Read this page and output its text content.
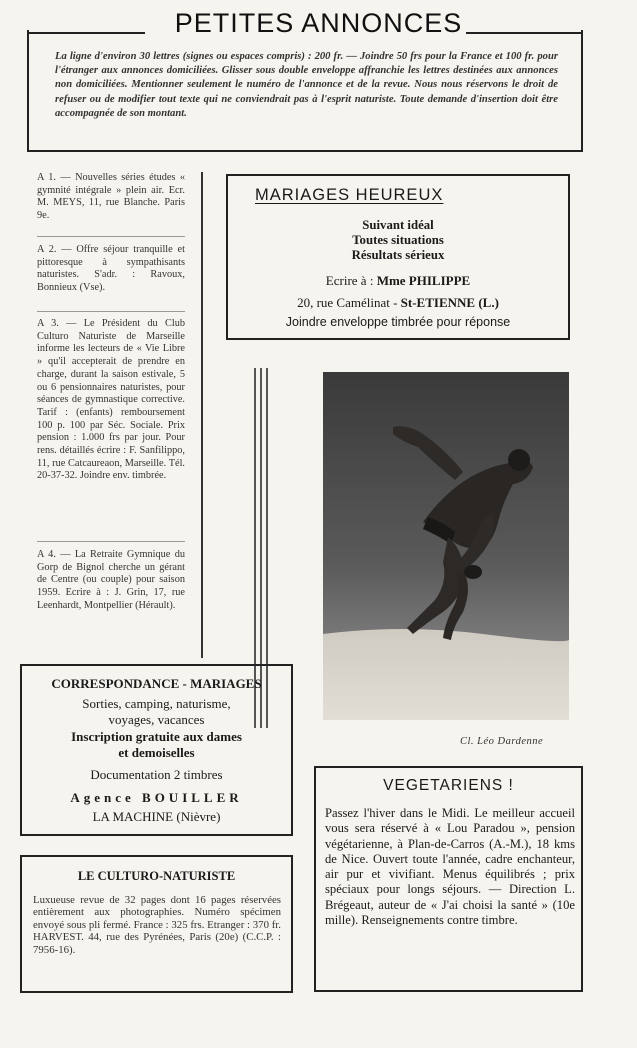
PETITES ANNONCES
La ligne d'environ 30 lettres (signes ou espaces compris) : 200 fr. — Joindre 50 frs pour la France et 100 fr. pour l'étranger aux annonces domiciliées. Glisser sous double enveloppe affranchie les lettres destinées aux annonces non domiciliées. Mentionner seulement le numéro de l'annonce et de la revue. Nous nous réservons le droit de refuser ou de modifier tout texte qui ne conviendrait pas à l'esprit naturiste. Toute demande d'insertion doit être accompagnée de son montant.

A 1. — Nouvelles séries études « gymnité intégrale » plein air. Ecr. M. MEYS, 11, rue Blanche. Paris 9e.

A 2. — Offre séjour tranquille et pittoresque à sympathisants naturistes. S'adr. : Ravoux, Bonnieux (Vse).

A 3. — Le Président du Club Culturo Naturiste de Marseille informe les lecteurs de « Vie Libre » qu'il accepterait de prendre en charge, durant la saison estivale, 5 ou 6 pensionnaires naturistes, pour séances de gymnastique corrective. Tarif : (enfants) remboursement 100 p. 100 par Séc. Sociale. Prix pension : 1.000 frs par jour. Pour rens. détaillés écrire : F. Sanfilippo, 11, rue Catcaureaon, Marseille. Tél. 20-37-32. Joindre env. timbrée.

A 4. — La Retraite Gymnique du Gorp de Bignol cherche un gérant de Centre (ou couple) pour saison 1959. Ecrire à : J. Grin, 17, rue Leenhardt, Montpellier (Hérault).

MARIAGES HEUREUX
Suivant idéal
Toutes situations
Résultats sérieux
Ecrire à : Mme PHILIPPE
20, rue Camélinat - St-ETIENNE (L.)
Joindre enveloppe timbrée pour réponse
Cl. Léo Dardenne
CORRESPONDANCE - MARIAGES
Sorties, camping, naturisme,
voyages, vacances
Inscription gratuite aux dames
et demoiselles
Documentation 2 timbres
Agence BOUILLER
LA MACHINE (Nièvre)
LE CULTURO-NATURISTE
Luxueuse revue de 32 pages dont 16 pages réservées entièrement aux photographies. Numéro spécimen envoyé sous pli fermé. France : 325 frs. Etranger : 370 fr. HARVEST. 44, rue des Pyrénées, Paris (20e) (C.C.P. : 7956-16).
VEGETARIENS !
Passez l'hiver dans le Midi. Le meilleur accueil vous sera réservé à « Lou Paradou », pension végétarienne, à Plan-de-Carros (A.-M.), 18 kms de Nice. Ouvert toute l'année, cadre enchanteur, air pur et vivifiant. Menus équilibrés ; prix spéciaux pour longs séjours. — Direction L. Brégeaut, auteur de « J'ai choisi la santé » (10e mille). Renseignements contre timbre.
